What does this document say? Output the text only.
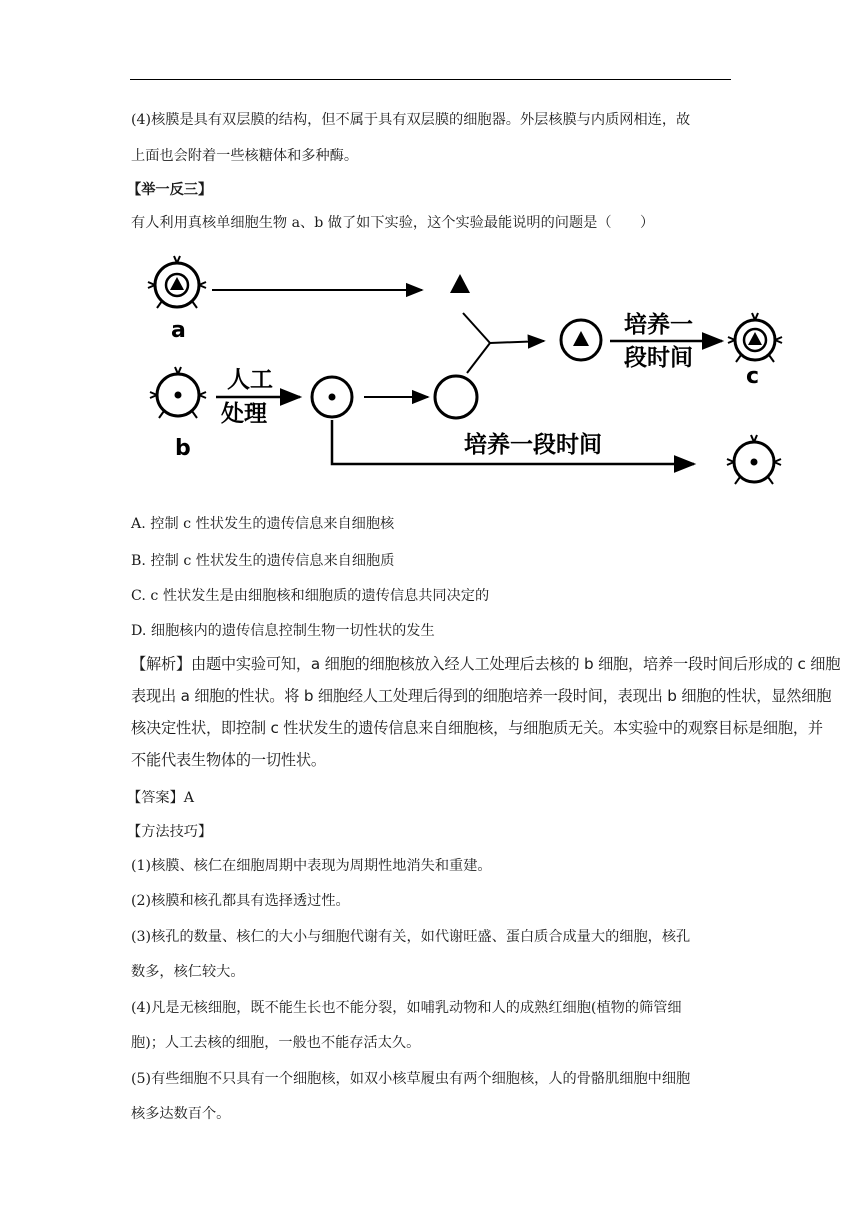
(4)核膜是具有双层膜的结构，但不属于具有双层膜的细胞器。外层核膜与内质网相连，故
上面也会附着一些核糖体和多种酶。
【举一反三】
有人利用真核单细胞生物 a、b 做了如下实验，这个实验最能说明的问题是（　　）
a
b
人工
处理
培养一
段时间
c
培养一段时间
A. 控制 c 性状发生的遗传信息来自细胞核
B. 控制 c 性状发生的遗传信息来自细胞质
C. c 性状发生是由细胞核和细胞质的遗传信息共同决定的
D. 细胞核内的遗传信息控制生物一切性状的发生
【解析】由题中实验可知，a 细胞的细胞核放入经人工处理后去核的 b 细胞，培养一段时间后形成的 c 细胞
表现出 a 细胞的性状。将 b 细胞经人工处理后得到的细胞培养一段时间，表现出 b 细胞的性状，显然细胞
核决定性状，即控制 c 性状发生的遗传信息来自细胞核，与细胞质无关。本实验中的观察目标是细胞，并
不能代表生物体的一切性状。
【答案】A
【方法技巧】
(1)核膜、核仁在细胞周期中表现为周期性地消失和重建。
(2)核膜和核孔都具有选择透过性。
(3)核孔的数量、核仁的大小与细胞代谢有关，如代谢旺盛、蛋白质合成量大的细胞，核孔
数多，核仁较大。
(4)凡是无核细胞，既不能生长也不能分裂，如哺乳动物和人的成熟红细胞(植物的筛管细
胞)；人工去核的细胞，一般也不能存活太久。
(5)有些细胞不只具有一个细胞核，如双小核草履虫有两个细胞核，人的骨骼肌细胞中细胞
核多达数百个。
